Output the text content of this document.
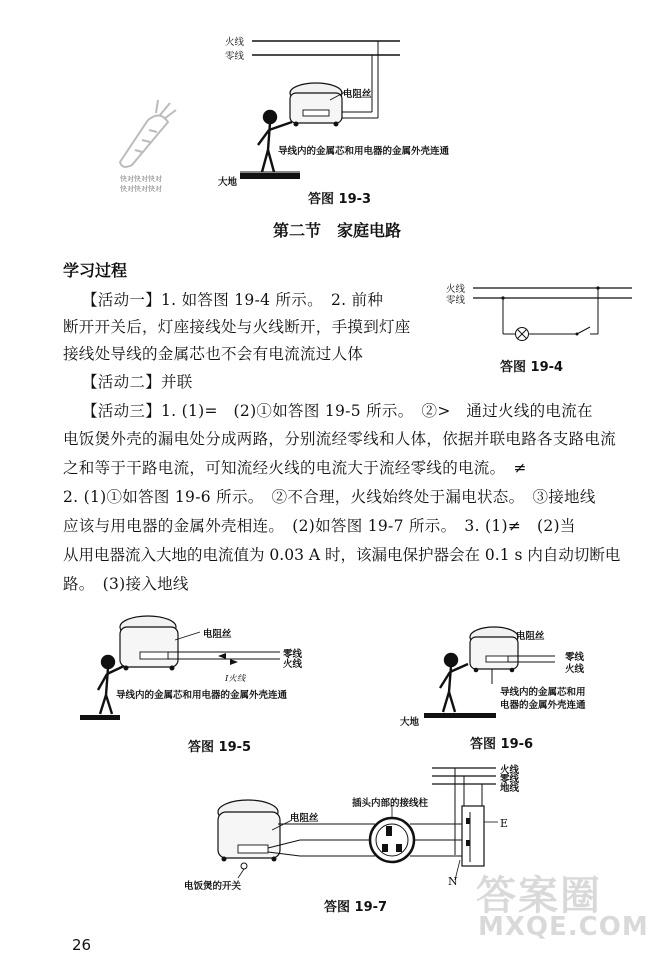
火线
零线
电阻丝
导线内的金属芯和用电器的金属外壳连通
大地
快对快对快对
快对快对快对
答图 19-3
第二节　家庭电路
学习过程
火线
零线
答图 19-4
【活动一】1. 如答图 19-4 所示。　2. 前种
断开开关后，灯座接线处与火线断开，手摸到灯座
接线处导线的金属芯也不会有电流流过人体
【活动二】并联
【活动三】1. (1)=　(2)①如答图 19-5 所示。　②>　通过火线的电流在
电饭煲外壳的漏电处分成两路，分别流经零线和人体，依据并联电路各支路电流
之和等于干路电流，可知流经火线的电流大于流经零线的电流。　≠
2. (1)①如答图 19-6 所示。　②不合理，火线始终处于漏电状态。　③接地线
应该与用电器的金属外壳相连。　(2)如答图 19-7 所示。　3. (1)≠　(2)当
从用电器流入大地的电流值为 0.03 A 时，该漏电保护器会在 0.1 s 内自动切断电
路。　(3)接入地线
电阻丝
零线
火线
I火线
导线内的金属芯和用电器的金属外壳连通
答图 19-5
电阻丝
零线
火线
导线内的金属芯和用
电器的金属外壳连通
大地
答图 19-6
火线
零线
地线
插头内部的接线柱
电阻丝
电饭煲的开关
E
N
答图 19-7
26
答案圈
MXQE.COM
